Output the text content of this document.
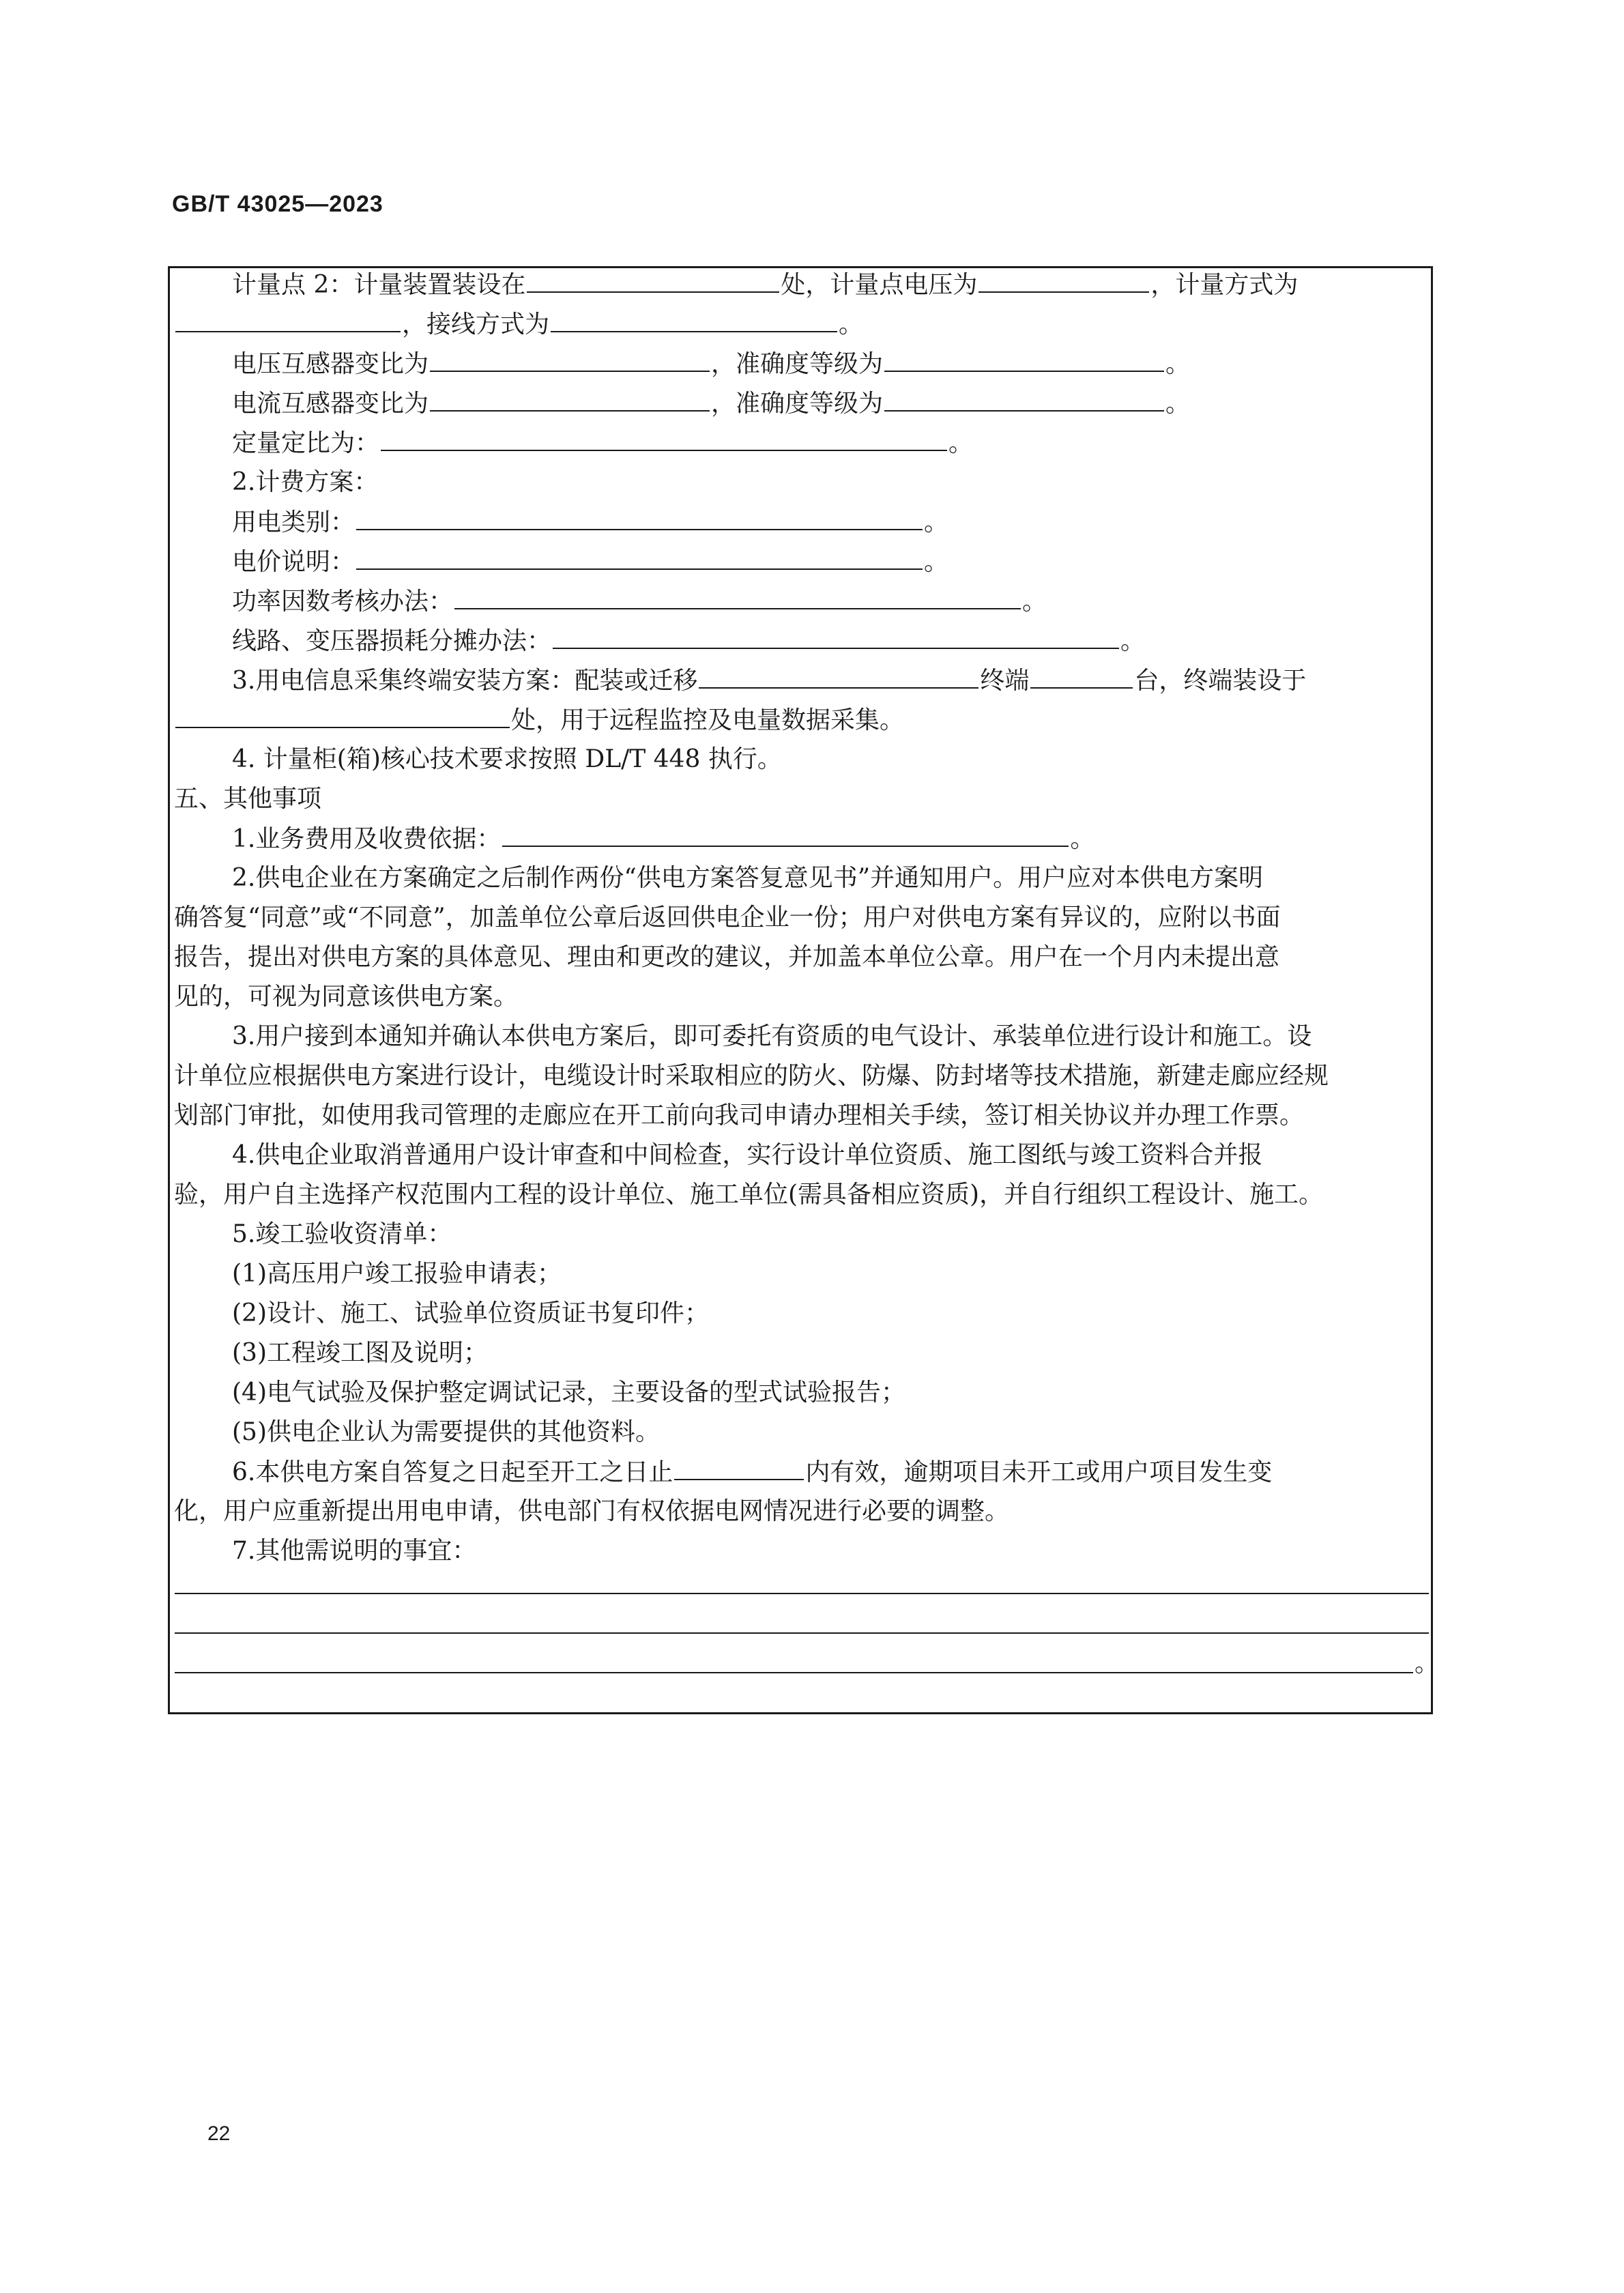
GB/T 43025—2023
计量点 2：计量装置装设在	处，计量点电压为	，计量方式为
，接线方式为	。
电压互感器变比为	，准确度等级为	。
电流互感器变比为	，准确度等级为	。
定量定比为：	。
2.计费方案：
用电类别：	。
电价说明：	。
功率因数考核办法：	。
线路、变压器损耗分摊办法：	。
3.用电信息采集终端安装方案：配装或迁移	终端	台，终端装设于
处，用于远程监控及电量数据采集。
4. 计量柜(箱)核心技术要求按照 DL/T 448 执行。
五、其他事项
1.业务费用及收费依据：	。
2.供电企业在方案确定之后制作两份“供电方案答复意见书”并通知用户。用户应对本供电方案明
确答复“同意”或“不同意”，加盖单位公章后返回供电企业一份；用户对供电方案有异议的，应附以书面
报告，提出对供电方案的具体意见、理由和更改的建议，并加盖本单位公章。用户在一个月内未提出意
见的，可视为同意该供电方案。
3.用户接到本通知并确认本供电方案后，即可委托有资质的电气设计、承装单位进行设计和施工。设
计单位应根据供电方案进行设计，电缆设计时采取相应的防火、防爆、防封堵等技术措施，新建走廊应经规
划部门审批，如使用我司管理的走廊应在开工前向我司申请办理相关手续，签订相关协议并办理工作票。
4.供电企业取消普通用户设计审查和中间检查，实行设计单位资质、施工图纸与竣工资料合并报
验，用户自主选择产权范围内工程的设计单位、施工单位(需具备相应资质)，并自行组织工程设计、施工。
5.竣工验收资清单：
(1)高压用户竣工报验申请表；
(2)设计、施工、试验单位资质证书复印件；
(3)工程竣工图及说明；
(4)电气试验及保护整定调试记录，主要设备的型式试验报告；
(5)供电企业认为需要提供的其他资料。
6.本供电方案自答复之日起至开工之日止	内有效，逾期项目未开工或用户项目发生变
化，用户应重新提出用电申请，供电部门有权依据电网情况进行必要的调整。
7.其他需说明的事宜：
。
22
